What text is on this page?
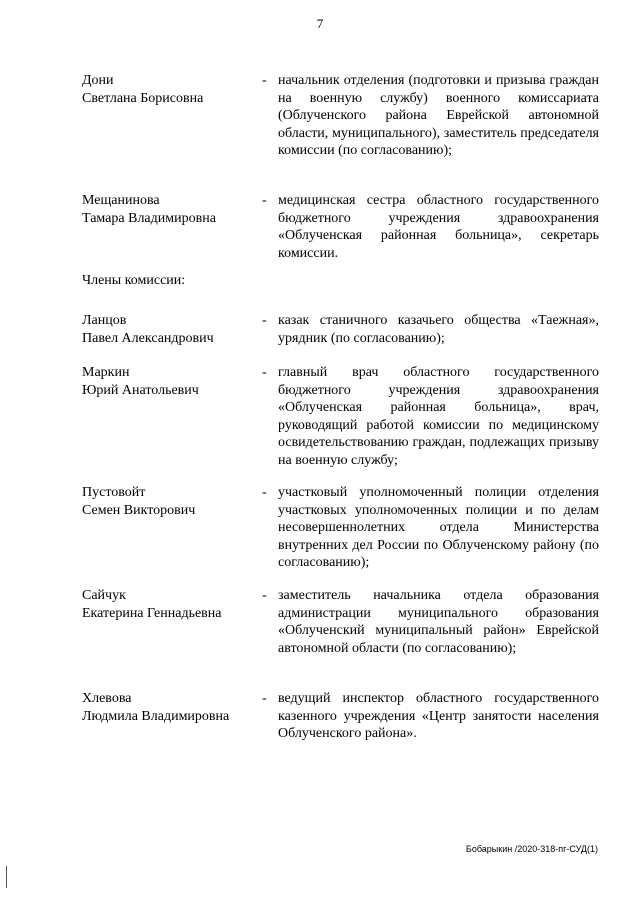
7
Дони
Светлана Борисовна
- начальник отделения (подготовки и призыва граждан на военную службу) военного комиссариата (Облученского района Еврейской автономной области, муниципального), заместитель председателя комиссии (по согласованию);
Мещанинова
Тамара Владимировна
- медицинская сестра областного государственного бюджетного учреждения здравоохранения «Облученская районная больница», секретарь комиссии.
Члены комиссии:
Ланцов
Павел Александрович
- казак станичного казачьего общества «Таежная», урядник (по согласованию);
Маркин
Юрий Анатольевич
- главный врач областного государственного бюджетного учреждения здравоохранения «Облученская районная больница», врач, руководящий работой комиссии по медицинскому освидетельствованию граждан, подлежащих призыву на военную службу;
Пустовойт
Семен Викторович
- участковый уполномоченный полиции отделения участковых уполномоченных полиции и по делам несовершеннолетних отдела Министерства внутренних дел России по Облученскому району (по согласованию);
Сайчук
Екатерина Геннадьевна
- заместитель начальника отдела образования администрации муниципального образования «Облученский муниципальный район» Еврейской автономной области (по согласованию);
Хлевова
Людмила Владимировна
- ведущий инспектор областного государственного казенного учреждения «Центр занятости населения Облученского района».
Бобарыкин /2020-318-пг-СУД(1)
